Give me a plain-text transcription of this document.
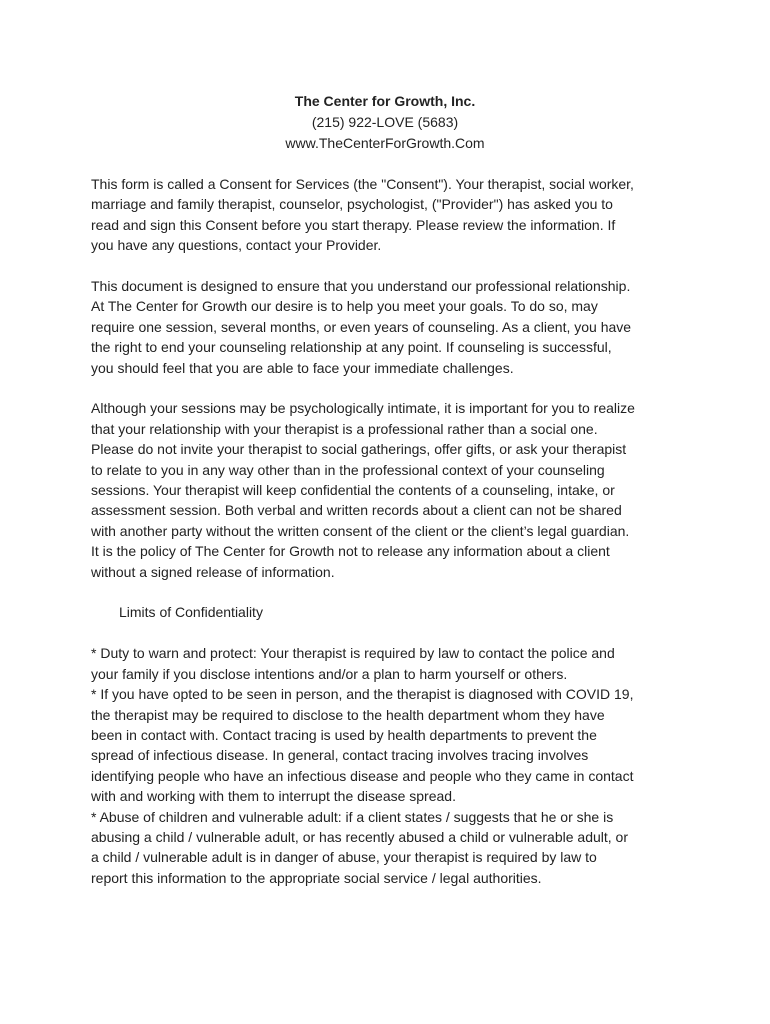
The Center for Growth, Inc.
(215) 922-LOVE (5683)
www.TheCenterForGrowth.Com

This form is called a Consent for Services (the "Consent"). Your therapist, social worker,
marriage and family therapist, counselor, psychologist, ("Provider") has asked you to
read and sign this Consent before you start therapy. Please review the information. If
you have any questions, contact your Provider.

This document is designed to ensure that you understand our professional relationship.
At The Center for Growth our desire is to help you meet your goals. To do so, may
require one session, several months, or even years of counseling. As a client, you have
the right to end your counseling relationship at any point. If counseling is successful,
you should feel that you are able to face your immediate challenges.

Although your sessions may be psychologically intimate, it is important for you to realize
that your relationship with your therapist is a professional rather than a social one.
Please do not invite your therapist to social gatherings, offer gifts, or ask your therapist
to relate to you in any way other than in the professional context of your counseling
sessions. Your therapist will keep confidential the contents of a counseling, intake, or
assessment session. Both verbal and written records about a client can not be shared
with another party without the written consent of the client or the client’s legal guardian.
It is the policy of The Center for Growth not to release any information about a client
without a signed release of information.

Limits of Confidentiality

* Duty to warn and protect: Your therapist is required by law to contact the police and
your family if you disclose intentions and/or a plan to harm yourself or others.
* If you have opted to be seen in person, and the therapist is diagnosed with COVID 19,
the therapist may be required to disclose to the health department whom they have
been in contact with. Contact tracing is used by health departments to prevent the
spread of infectious disease. In general, contact tracing involves tracing involves
identifying people who have an infectious disease and people who they came in contact
with and working with them to interrupt the disease spread.
* Abuse of children and vulnerable adult: if a client states / suggests that he or she is
abusing a child / vulnerable adult, or has recently abused a child or vulnerable adult, or
a child / vulnerable adult is in danger of abuse, your therapist is required by law to
report this information to the appropriate social service / legal authorities.
